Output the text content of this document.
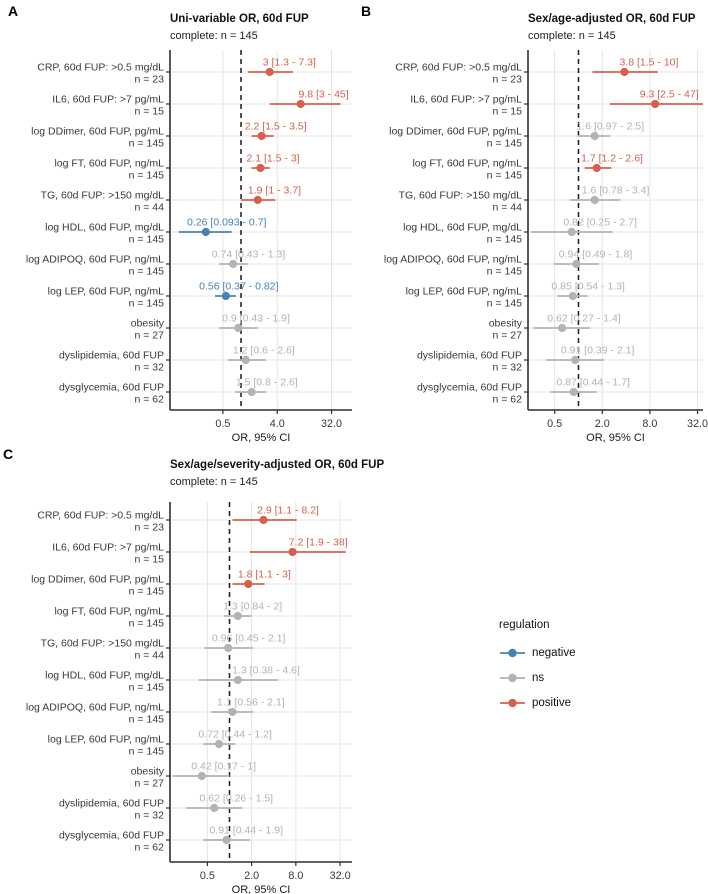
0.5	4.0	32.0
OR, 95% CI
CRP, 60d FUP: >0.5 mg/dL
n = 23
3 [1.3 - 7.3]
IL6, 60d FUP: >7 pg/mL
n = 15
9.8 [3 - 45]
log DDimer, 60d FUP, pg/mL
n = 145
2.2 [1.5 - 3.5]
log FT, 60d FUP, ng/mL
n = 145
2.1 [1.5 - 3]
TG, 60d FUP: >150 mg/dL
n = 44
1.9 [1 - 3.7]
log HDL, 60d FUP, mg/dL
n = 145
0.26 [0.093 - 0.7]
log ADIPOQ, 60d FUP, ng/mL
n = 145
0.74 [0.43 - 1.3]
log LEP, 60d FUP, ng/mL
n = 145
0.56 [0.37 - 0.82]
obesity
n = 27
0.9 [0.43 - 1.9]
dyslipidemia, 60d FUP
n = 32
1.2 [0.6 - 2.6]
dysglycemia, 60d FUP
n = 62
1.5 [0.8 - 2.6]
0.5	2.0	8.0	32.0
OR, 95% CI
CRP, 60d FUP: >0.5 mg/dL
n = 23
3.8 [1.5 - 10]
IL6, 60d FUP: >7 pg/mL
n = 15
9.3 [2.5 - 47]
log DDimer, 60d FUP, pg/mL
n = 145
1.6 [0.97 - 2.5]
log FT, 60d FUP, ng/mL
n = 145
1.7 [1.2 - 2.6]
TG, 60d FUP: >150 mg/dL
n = 44
1.6 [0.78 - 3.4]
log HDL, 60d FUP, mg/dL
n = 145
0.82 [0.25 - 2.7]
log ADIPOQ, 60d FUP, ng/mL
n = 145
0.94 [0.49 - 1.8]
log LEP, 60d FUP, ng/mL
n = 145
0.85 [0.54 - 1.3]
obesity
n = 27
0.62 [0.27 - 1.4]
dyslipidemia, 60d FUP
n = 32
0.91 [0.39 - 2.1]
dysglycemia, 60d FUP
n = 62
0.87 [0.44 - 1.7]
0.5	2.0	8.0 32.0
OR, 95% CI
CRP, 60d FUP: >0.5 mg/dL
n = 23
2.9 [1.1 - 8.2]
IL6, 60d FUP: >7 pg/mL
n = 15
7.2 [1.9 - 38]
log DDimer, 60d FUP, pg/mL
n = 145
1.8 [1.1 - 3]
log FT, 60d FUP, ng/mL
n = 145
1.3 [0.84 - 2]
TG, 60d FUP: >150 mg/dL
n = 44
0.96 [0.45 - 2.1]
log HDL, 60d FUP, mg/dL
n = 145
1.3 [0.38 - 4.6]
log ADIPOQ, 60d FUP, ng/mL
n = 145
1.1 [0.56 - 2.1]
log LEP, 60d FUP, ng/mL
n = 145
0.72 [0.44 - 1.2]
obesity
n = 27
0.42 [0.17 - 1]
dyslipidemia, 60d FUP
n = 32
0.62 [0.26 - 1.5]
dysglycemia, 60d FUP
n = 62
0.91 [0.44 - 1.9]
A	Uni-variable OR, 60d FUP
complete: n = 145
B	Sex/age-adjusted OR, 60d FUP
complete: n = 145
C
Sex/age/severity-adjusted OR, 60d FUP
complete: n = 145
regulation
negative
ns
positive
